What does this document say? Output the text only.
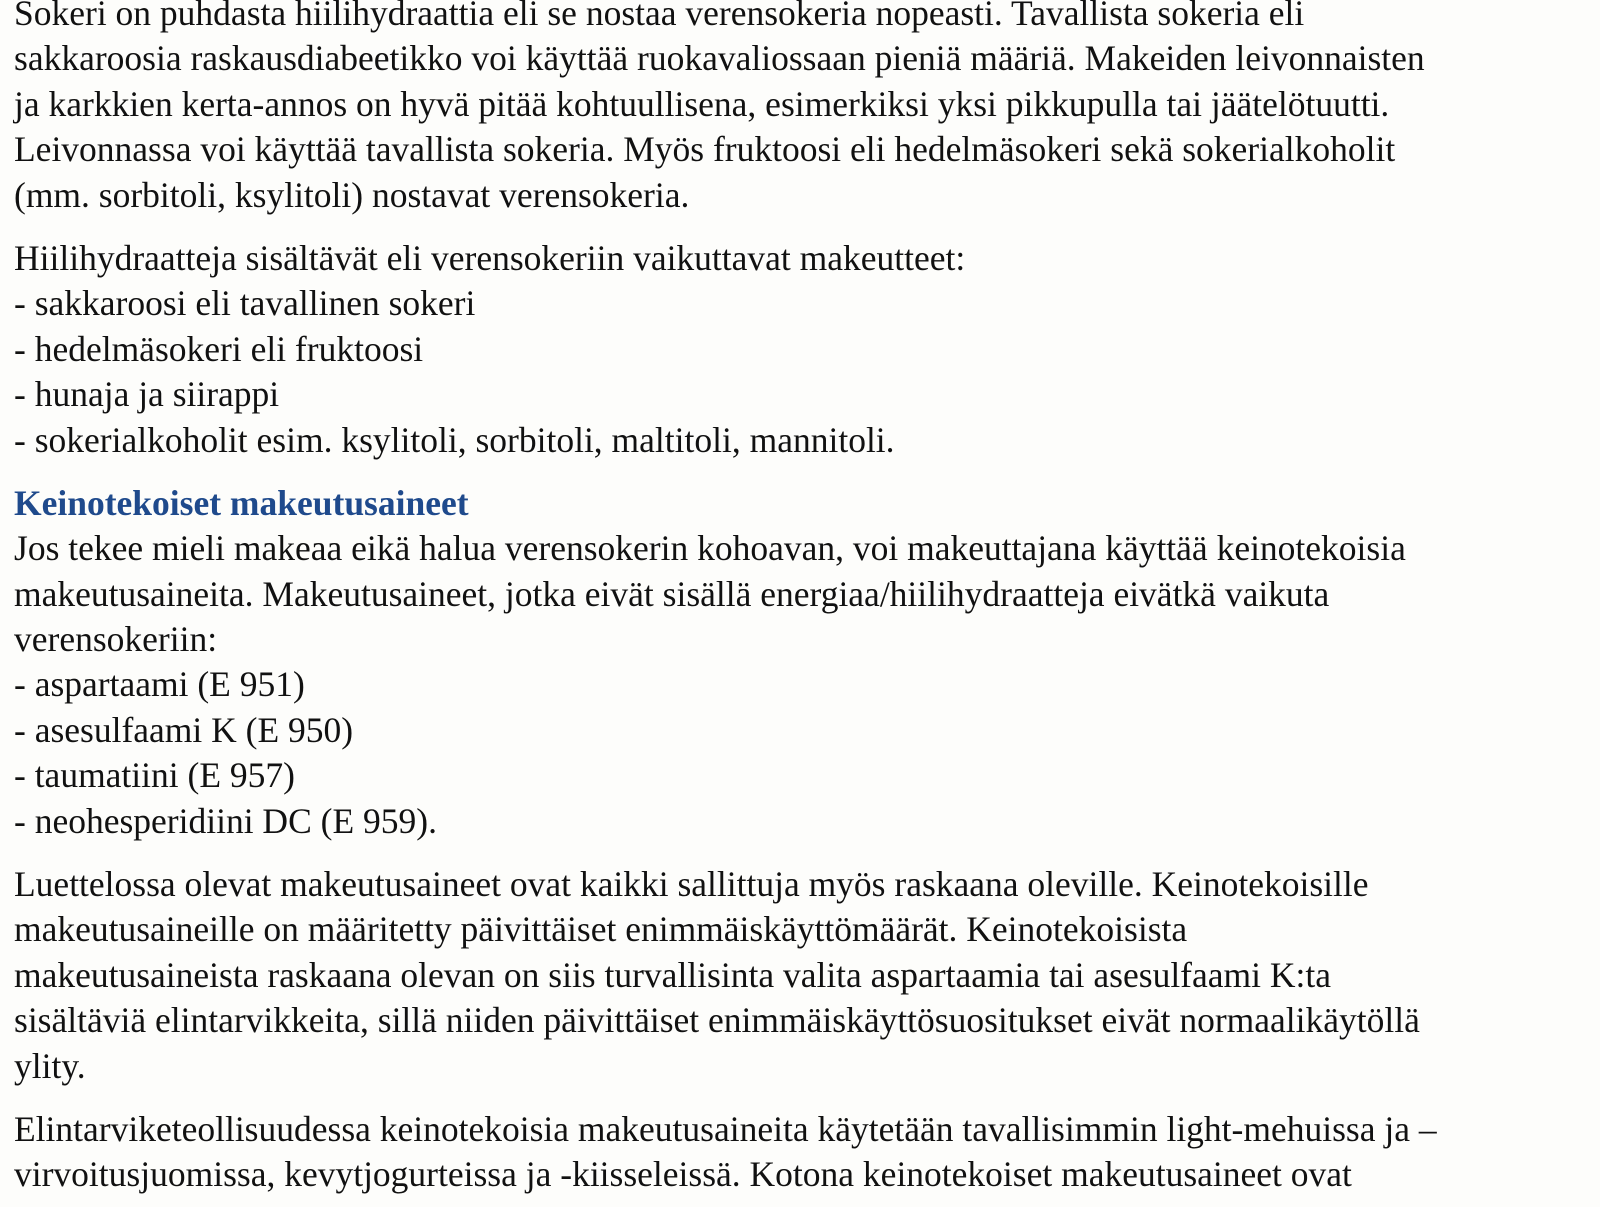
Sokeri on puhdasta hiilihydraattia eli se nostaa verensokeria nopeasti. Tavallista sokeria eli
sakkaroosia raskausdiabeetikko voi käyttää ruokavaliossaan pieniä määriä. Makeiden leivonnaisten
ja karkkien kerta-annos on hyvä pitää kohtuullisena, esimerkiksi yksi pikkupulla tai jäätelötuutti.
Leivonnassa voi käyttää tavallista sokeria. Myös fruktoosi eli hedelmäsokeri sekä sokerialkoholit
(mm. sorbitoli, ksylitoli) nostavat verensokeria.
Hiilihydraatteja sisältävät eli verensokeriin vaikuttavat makeutteet:
- sakkaroosi eli tavallinen sokeri
- hedelmäsokeri eli fruktoosi
- hunaja ja siirappi
- sokerialkoholit esim. ksylitoli, sorbitoli, maltitoli, mannitoli.
Keinotekoiset makeutusaineet
Jos tekee mieli makeaa eikä halua verensokerin kohoavan, voi makeuttajana käyttää keinotekoisia
makeutusaineita. Makeutusaineet, jotka eivät sisällä energiaa/hiilihydraatteja eivätkä vaikuta
verensokeriin:
- aspartaami (E 951)
- asesulfaami K (E 950)
- taumatiini (E 957)
- neohesperidiini DC (E 959).
Luettelossa olevat makeutusaineet ovat kaikki sallittuja myös raskaana oleville. Keinotekoisille
makeutusaineille on määritetty päivittäiset enimmäiskäyttömäärät. Keinotekoisista
makeutusaineista raskaana olevan on siis turvallisinta valita aspartaamia tai asesulfaami K:ta
sisältäviä elintarvikkeita, sillä niiden päivittäiset enimmäiskäyttösuositukset eivät normaalikäytöllä
ylity.
Elintarviketeollisuudessa keinotekoisia makeutusaineita käytetään tavallisimmin light-mehuissa ja –
virvoitusjuomissa, kevytjogurteissa ja -kiisseleissä. Kotona keinotekoiset makeutusaineet ovat
